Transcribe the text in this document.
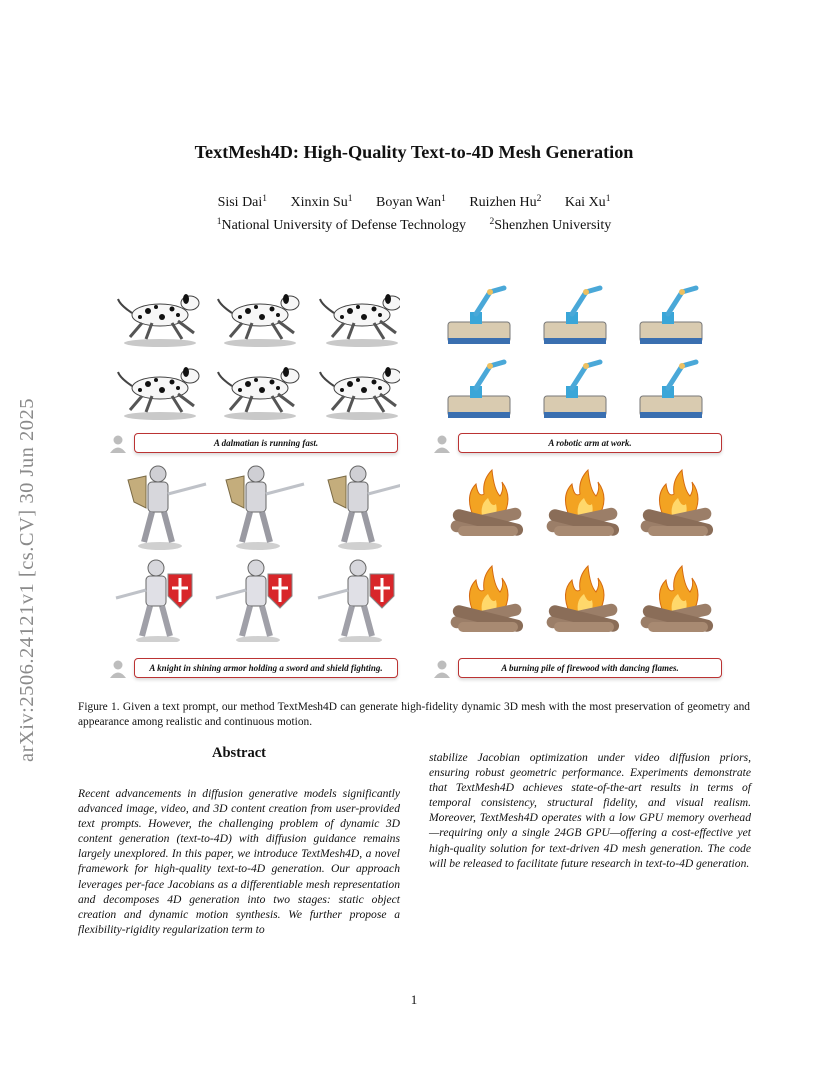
arXiv:2506.24121v1 [cs.CV] 30 Jun 2025
TextMesh4D: High-Quality Text-to-4D Mesh Generation
Sisi Dai$^1$ Xinxin Su$^1$ Boyan Wan$^1$ Ruizhen Hu$^2$ Kai Xu$^1$
$^1$National University of Defense Technology $^2$Shenzhen University
A dalmatian is running fast.	A robotic arm at work.
A knight in shining armor holding a sword and shield fighting.	A burning pile of firewood with dancing flames.
Figure 1. Given a text prompt, our method TextMesh4D can generate high-fidelity dynamic 3D mesh with the most preservation of geometry and appearance among realistic and continuous motion.
Abstract
Recent advancements in diffusion generative models significantly advanced image, video, and 3D content creation from user-provided text prompts. However, the challenging problem of dynamic 3D content generation (text-to-4D) with diffusion guidance remains largely unexplored. In this paper, we introduce TextMesh4D, a novel framework for high-quality text-to-4D generation. Our approach leverages per-face Jacobians as a differentiable mesh representation and decomposes 4D generation into two stages: static object creation and dynamic motion synthesis. We further propose a flexibility-rigidity regularization term to
stabilize Jacobian optimization under video diffusion priors, ensuring robust geometric performance. Experiments demonstrate that TextMesh4D achieves state-of-the-art results in terms of temporal consistency, structural fidelity, and visual realism. Moreover, TextMesh4D operates with a low GPU memory overhead—requiring only a single 24GB GPU—offering a cost-effective yet high-quality solution for text-driven 4D mesh generation. The code will be released to facilitate future research in text-to-4D generation.
1
